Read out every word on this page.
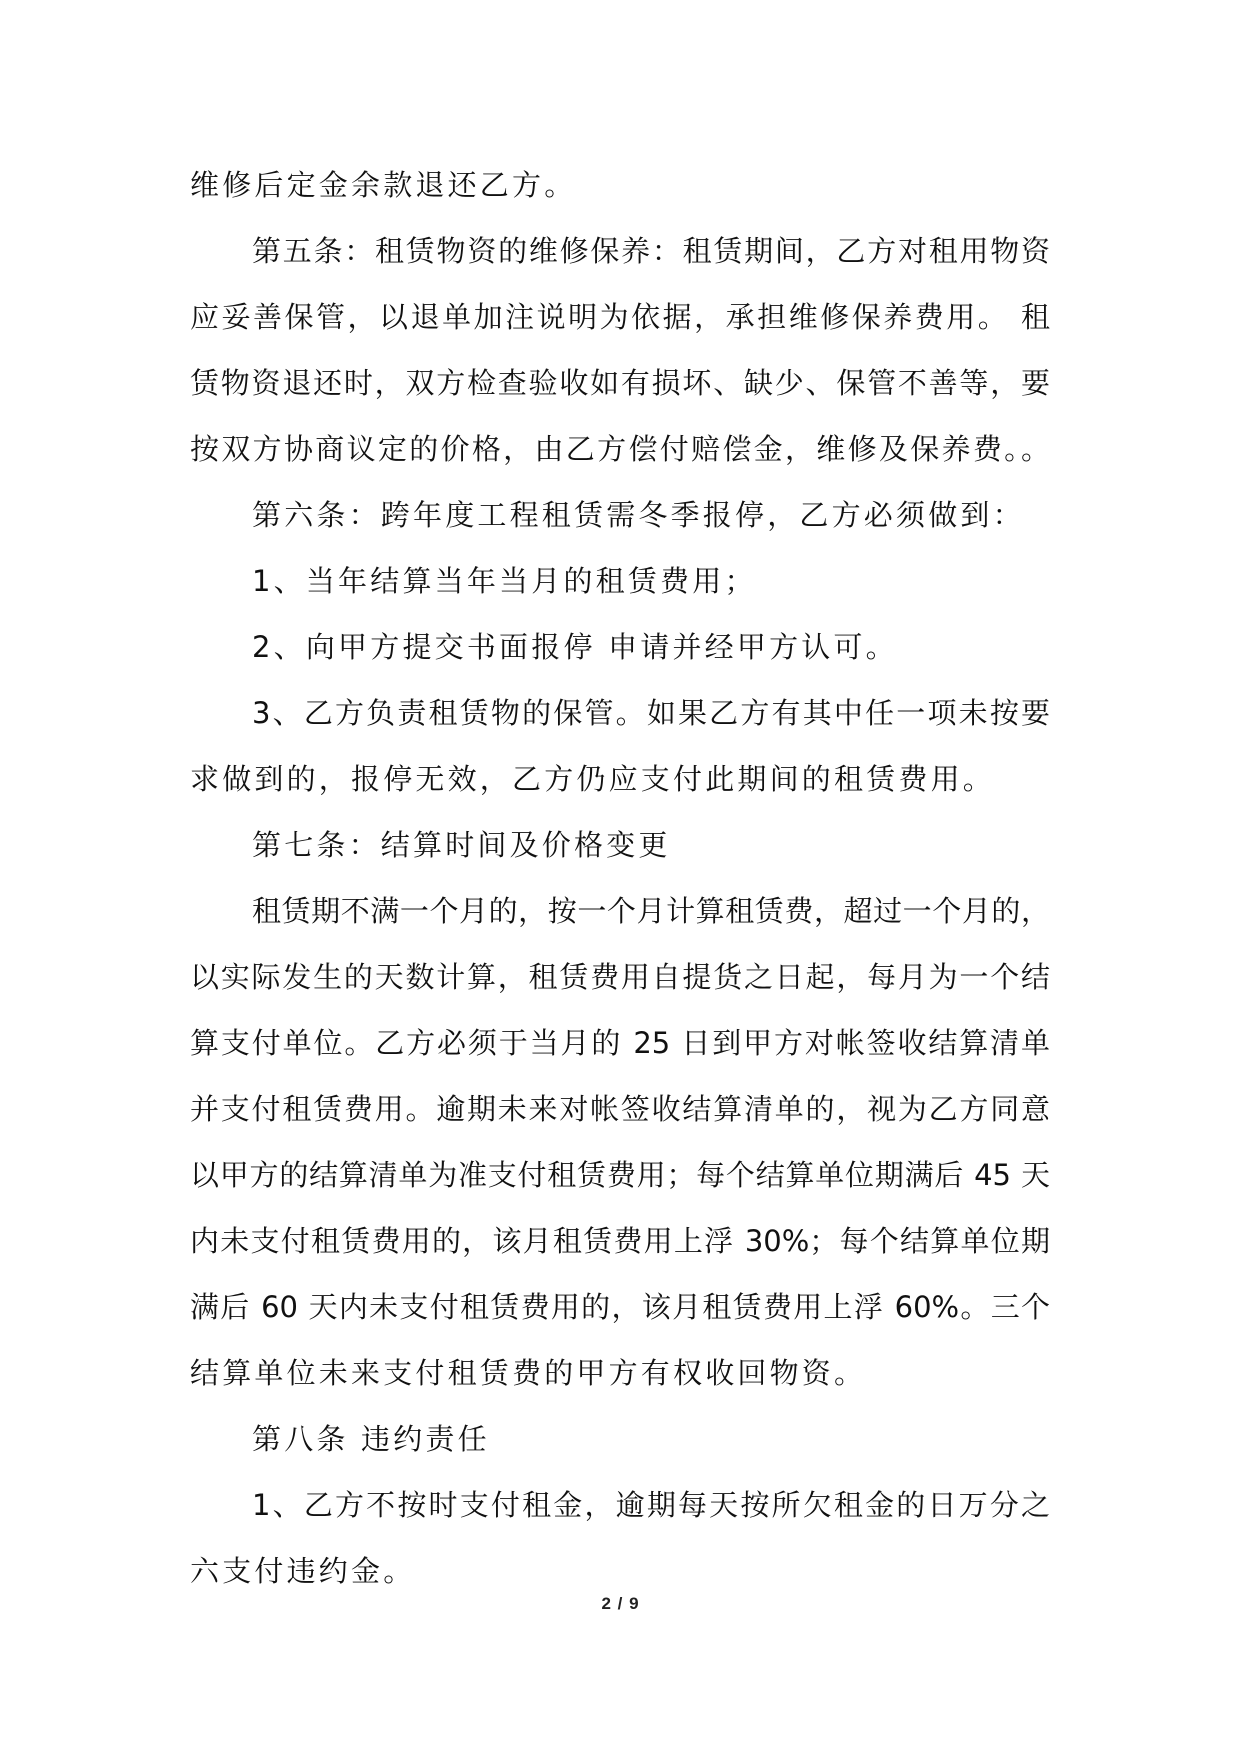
维修后定金余款退还乙方。
第五条：租赁物资的维修保养：租赁期间，乙方对租用物资
应妥善保管，以退单加注说明为依据，承担维修保养费用。 租
赁物资退还时，双方检查验收如有损坏、缺少、保管不善等，要
按双方协商议定的价格，由乙方偿付赔偿金，维修及保养费。。
第六条：跨年度工程租赁需冬季报停，乙方必须做到：
1、当年结算当年当月的租赁费用；
2、向甲方提交书面报停 申请并经甲方认可。
3、乙方负责租赁物的保管。如果乙方有其中任一项未按要
求做到的，报停无效，乙方仍应支付此期间的租赁费用。
第七条：结算时间及价格变更
租赁期不满一个月的，按一个月计算租赁费，超过一个月的，
以实际发生的天数计算，租赁费用自提货之日起，每月为一个结
算支付单位。乙方必须于当月的 25 日到甲方对帐签收结算清单
并支付租赁费用。逾期未来对帐签收结算清单的，视为乙方同意
以甲方的结算清单为准支付租赁费用；每个结算单位期满后 45 天
内未支付租赁费用的，该月租赁费用上浮 30%；每个结算单位期
满后 60 天内未支付租赁费用的，该月租赁费用上浮 60%。三个
结算单位未来支付租赁费的甲方有权收回物资。
第八条 违约责任
1、乙方不按时支付租金，逾期每天按所欠租金的日万分之
六支付违约金。
2 / 9
